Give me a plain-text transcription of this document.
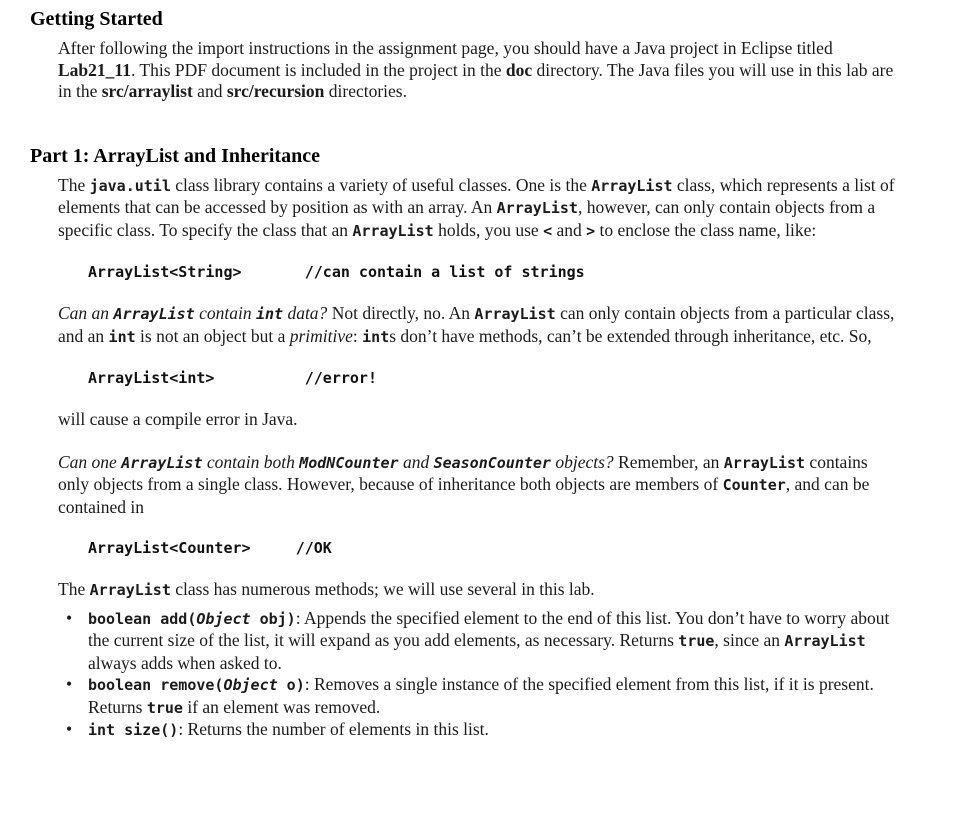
Getting Started

After following the import instructions in the assignment page, you should have a Java project in Eclipse titled Lab21_11. This PDF document is included in the project in the doc directory. The Java files you will use in this lab are in the src/arraylist and src/recursion directories.

Part 1: ArrayList and Inheritance

The java.util class library contains a variety of useful classes. One is the ArrayList class, which represents a list of elements that can be accessed by position as with an array. An ArrayList, however, can only contain objects from a specific class. To specify the class that an ArrayList holds, you use < and > to enclose the class name, like:

ArrayList<String>       //can contain a list of strings

Can an ArrayList contain int data? Not directly, no. An ArrayList can only contain objects from a particular class, and an int is not an object but a primitive: ints don’t have methods, can’t be extended through inheritance, etc. So,

ArrayList<int>          //error!

will cause a compile error in Java.

Can one ArrayList contain both ModNCounter and SeasonCounter objects? Remember, an ArrayList contains only objects from a single class. However, because of inheritance both objects are members of Counter, and can be contained in

ArrayList<Counter>     //OK

The ArrayList class has numerous methods; we will use several in this lab.

• boolean add(Object obj): Appends the specified element to the end of this list. You don’t have to worry about the current size of the list, it will expand as you add elements, as necessary. Returns true, since an ArrayList always adds when asked to.
• boolean remove(Object o): Removes a single instance of the specified element from this list, if it is present. Returns true if an element was removed.
• int size(): Returns the number of elements in this list.
